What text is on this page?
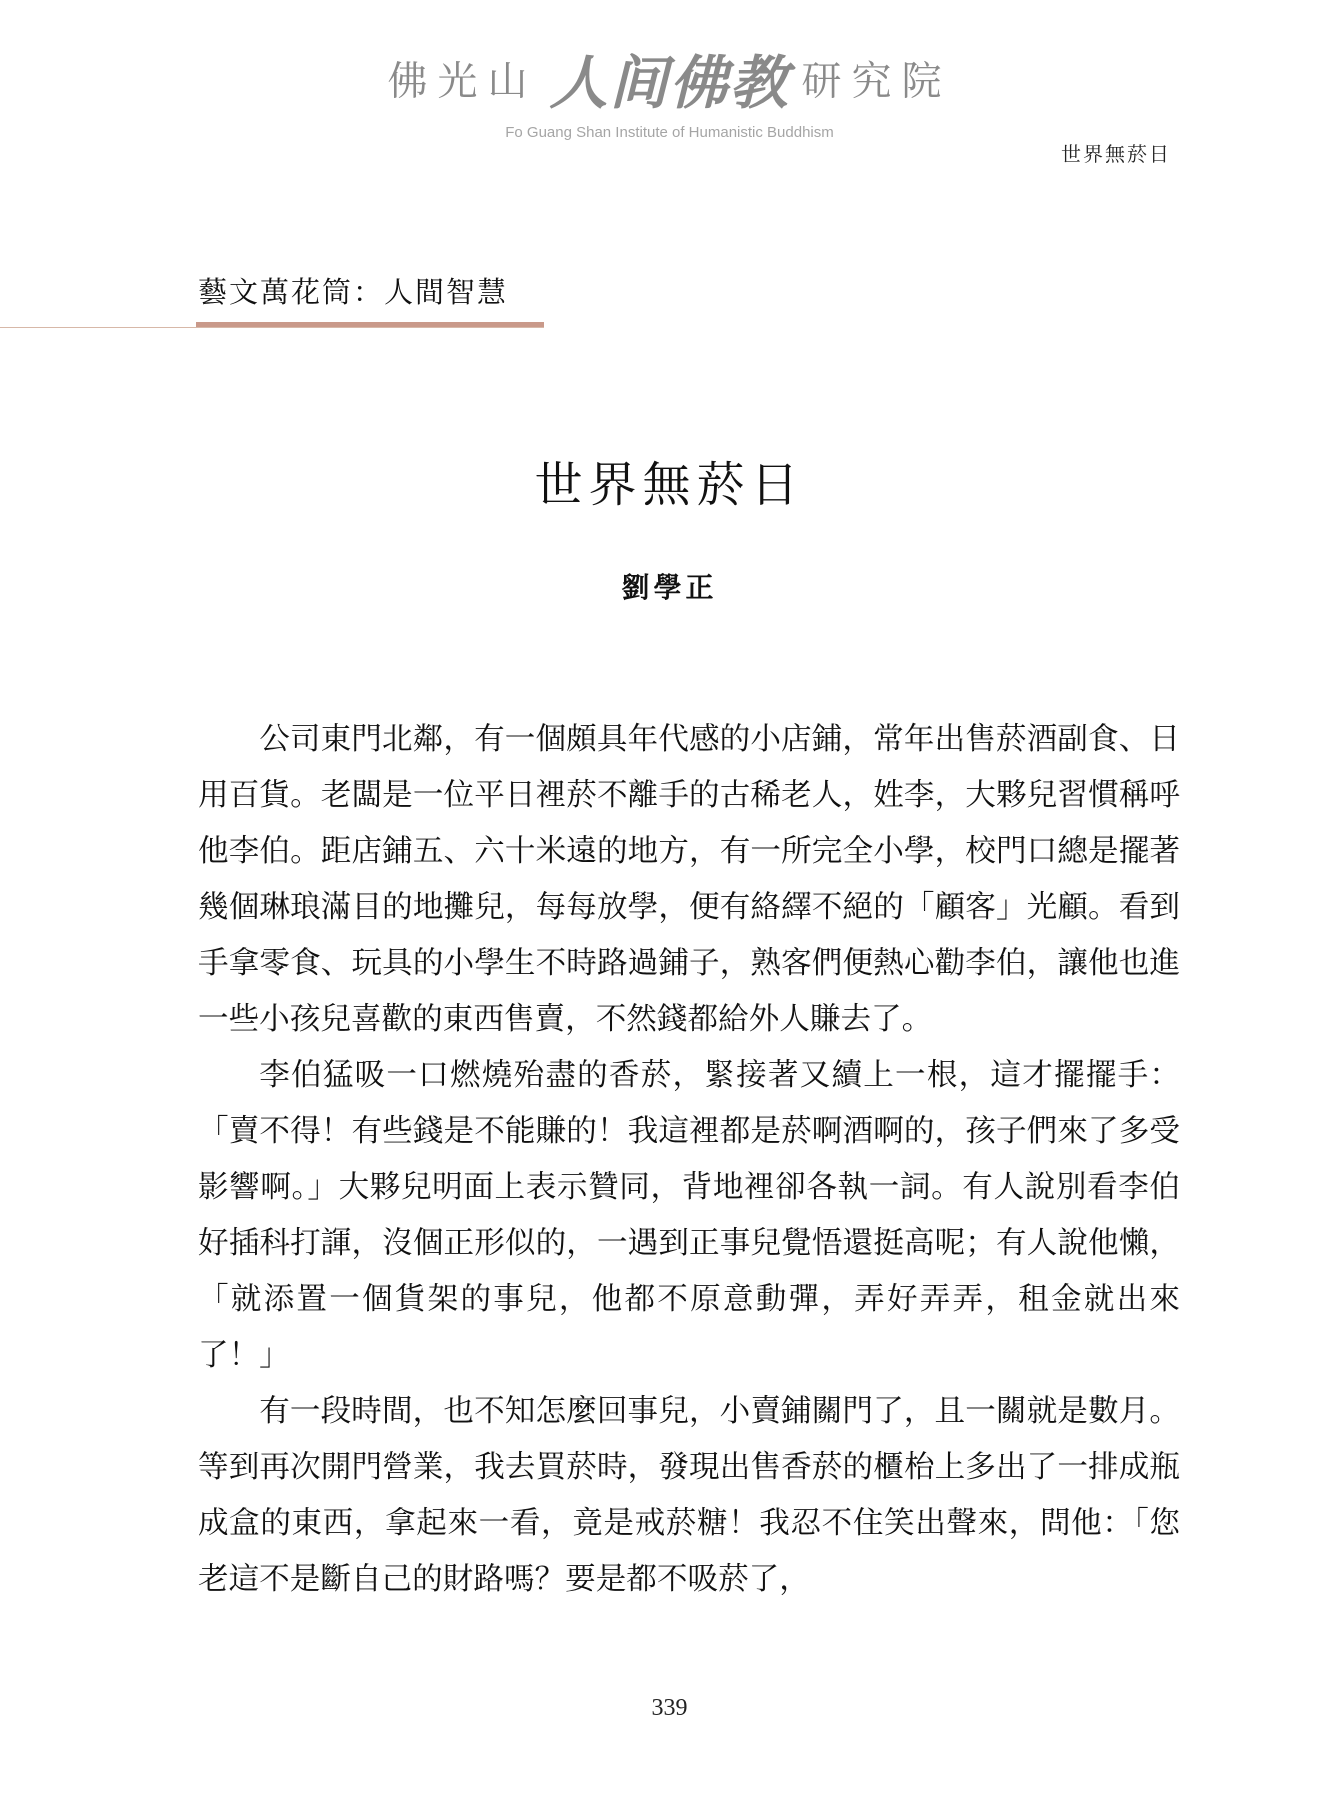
佛光山 人间佛教 研究院
Fo Guang Shan Institute of Humanistic Buddhism
世界無菸日
藝文萬花筒：人間智慧
世界無菸日
劉學正

公司東門北鄰，有一個頗具年代感的小店鋪，常年出售菸酒副食、日用百貨。老闆是一位平日裡菸不離手的古稀老人，姓李，大夥兒習慣稱呼他李伯。距店鋪五、六十米遠的地方，有一所完全小學，校門口總是擺著幾個琳琅滿目的地攤兒，每每放學，便有絡繹不絕的「顧客」光顧。看到手拿零食、玩具的小學生不時路過鋪子，熟客們便熱心勸李伯，讓他也進一些小孩兒喜歡的東西售賣，不然錢都給外人賺去了。

李伯猛吸一口燃燒殆盡的香菸，緊接著又續上一根，這才擺擺手：「賣不得！有些錢是不能賺的！我這裡都是菸啊酒啊的，孩子們來了多受影響啊。」大夥兒明面上表示贊同，背地裡卻各執一詞。有人說別看李伯好插科打諢，沒個正形似的，一遇到正事兒覺悟還挺高呢；有人說他懶，「就添置一個貨架的事兒，他都不原意動彈，弄好弄弄，租金就出來了！」

有一段時間，也不知怎麼回事兒，小賣鋪關門了，且一關就是數月。等到再次開門營業，我去買菸時，發現出售香菸的櫃枱上多出了一排成瓶成盒的東西，拿起來一看，竟是戒菸糖！我忍不住笑出聲來，問他：「您老這不是斷自己的財路嗎？要是都不吸菸了，

339
